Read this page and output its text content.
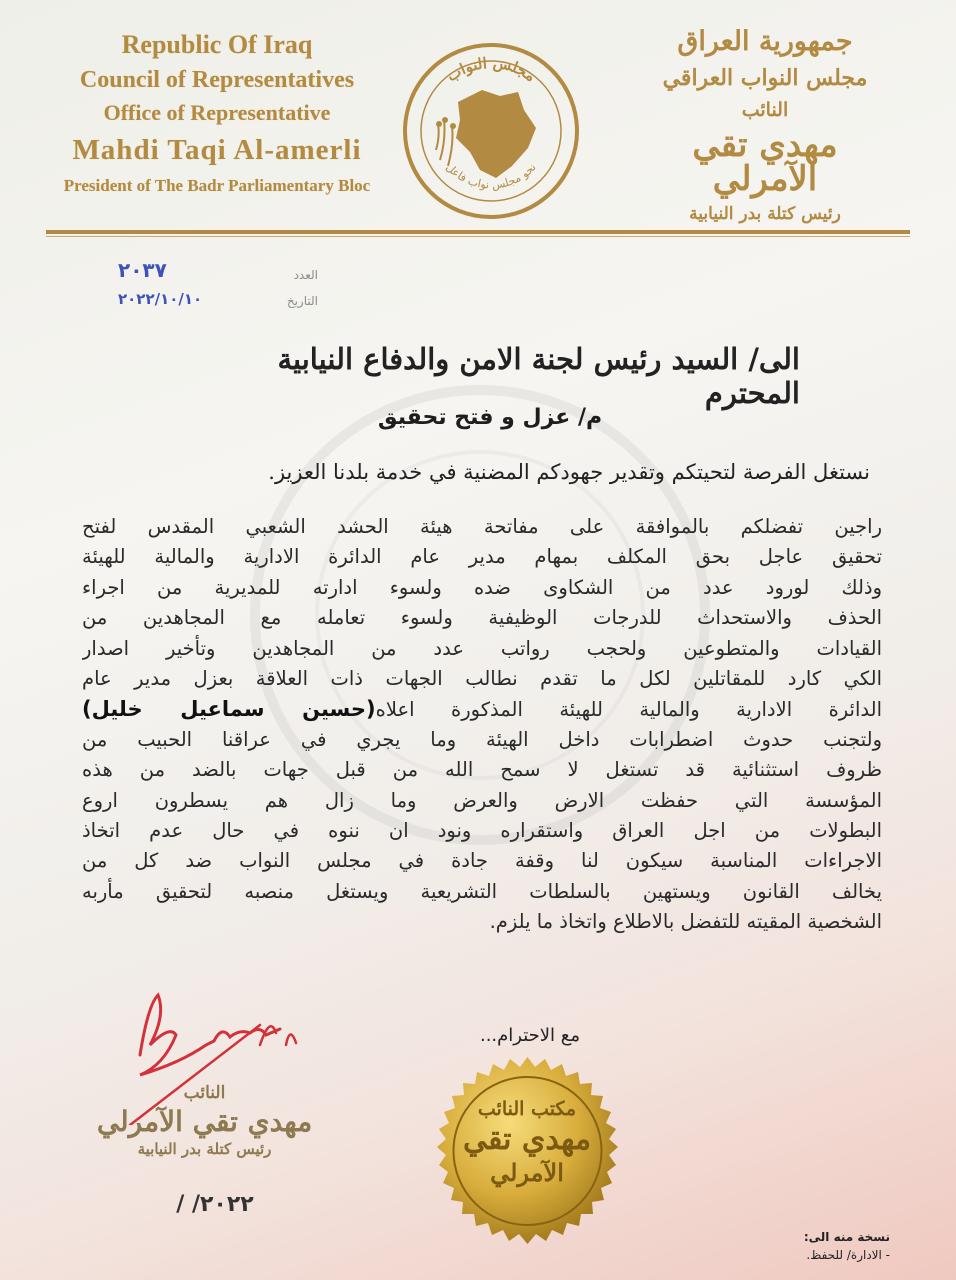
Republic Of Iraq
Council of Representatives
Office of Representative
Mahdi Taqi Al-amerli
President of The Badr Parliamentary Bloc
مجلس النواب
نحو مجلس نواب فاعل
جمهورية العراق
مجلس النواب العراقي
النائب
مهدي تقي الآمرلي
رئيس كتلة بدر النيابية
العدد
٢٠٣٧
التاريخ
٢٠٢٢/١٠/١٠
الى/ السيد رئيس لجنة الامن والدفاع النيابية المحترم
م/ عزل و فتح تحقيق
نستغل الفرصة لتحيتكم وتقدير جهودكم المضنية في خدمة بلدنا العزيز.
راجين تفضلكم بالموافقة على مفاتحة هيئة الحشد الشعبي المقدس لفتح
تحقيق عاجل بحق المكلف بمهام مدير عام الدائرة الادارية والمالية للهيئة
وذلك لورود عدد من الشكاوى ضده ولسوء ادارته للمديرية من اجراء
الحذف والاستحداث للدرجات الوظيفية ولسوء تعامله مع المجاهدين من
القيادات والمتطوعين ولحجب رواتب عدد من المجاهدين وتأخير اصدار
الكي كارد للمقاتلين لكل ما تقدم نطالب الجهات ذات العلاقة بعزل مدير عام
الدائرة الادارية والمالية للهيئة المذكورة اعلاه(حسين سماعيل خليل)
ولتجنب حدوث اضطرابات داخل الهيئة وما يجري في عراقنا الحبيب من
ظروف استثنائية قد تستغل لا سمح الله من قبل جهات بالضد من هذه
المؤسسة التي حفظت الارض والعرض وما زال هم يسطرون اروع
البطولات من اجل العراق واستقراره ونود ان ننوه في حال عدم اتخاذ
الاجراءات المناسبة سيكون لنا وقفة جادة في مجلس النواب ضد كل من
يخالف القانون ويستهين بالسلطات التشريعية ويستغل منصبه لتحقيق مأربه
الشخصية المقيته للتفضل بالاطلاع واتخاذ ما يلزم.
مع الاحترام...
النائب
مهدي تقي الآمرلي
رئيس كتلة بدر النيابية
٢٠٢٢/ /
مكتب النائب
مهدي تقي
الآمرلي
نسخة منه الى:
- الادارة/ للحفظ.
